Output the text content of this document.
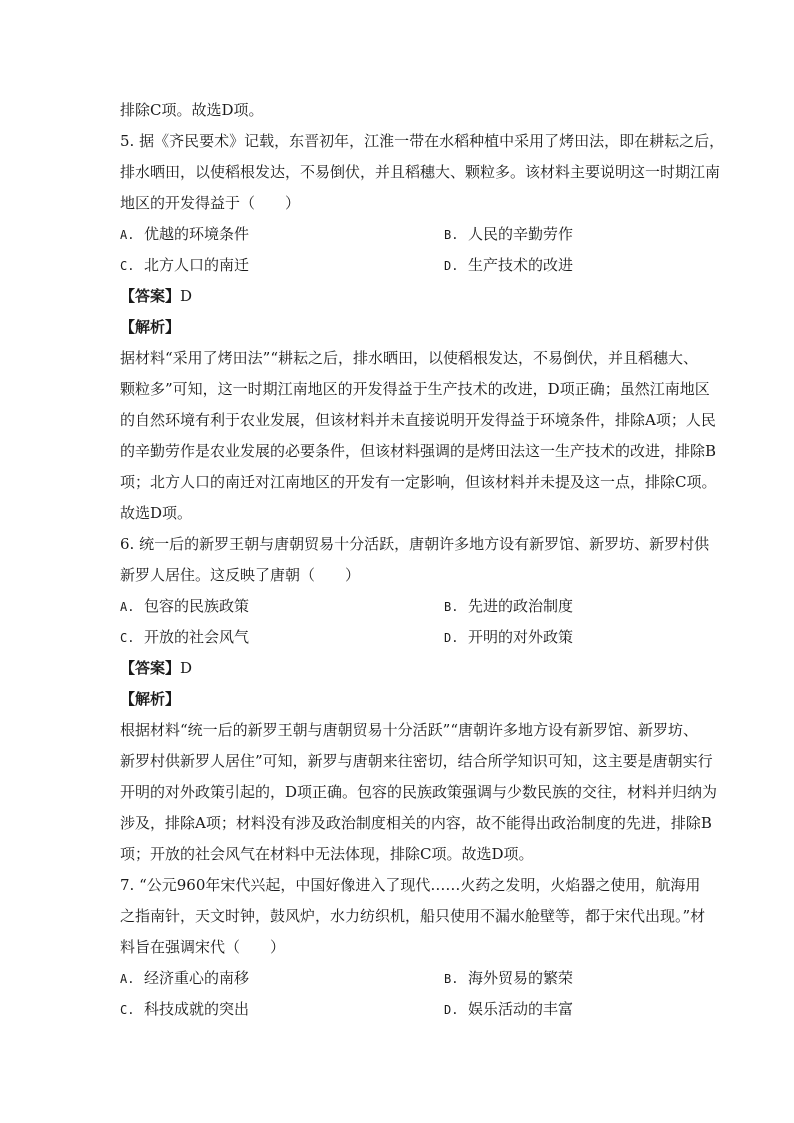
排除C项。故选D项。

5. 据《齐民要术》记载，东晋初年，江淮一带在水稻种植中采用了烤田法，即在耕耘之后，

排水晒田，以使稻根发达，不易倒伏，并且稻穗大、颗粒多。该材料主要说明这一时期江南

地区的开发得益于（　　）

A. 优越的环境条件	B. 人民的辛勤劳作
C. 北方人口的南迁	D. 生产技术的改进

【答案】D

【解析】

据材料“采用了烤田法”“耕耘之后，排水晒田，以使稻根发达，不易倒伏，并且稻穗大、

颗粒多”可知，这一时期江南地区的开发得益于生产技术的改进，D项正确；虽然江南地区

的自然环境有利于农业发展，但该材料并未直接说明开发得益于环境条件，排除A项；人民

的辛勤劳作是农业发展的必要条件，但该材料强调的是烤田法这一生产技术的改进，排除B

项；北方人口的南迁对江南地区的开发有一定影响，但该材料并未提及这一点，排除C项。

故选D项。

6. 统一后的新罗王朝与唐朝贸易十分活跃，唐朝许多地方设有新罗馆、新罗坊、新罗村供

新罗人居住。这反映了唐朝（　　）

A. 包容的民族政策	B. 先进的政治制度
C. 开放的社会风气	D. 开明的对外政策

【答案】D

【解析】

根据材料“统一后的新罗王朝与唐朝贸易十分活跃”“唐朝许多地方设有新罗馆、新罗坊、

新罗村供新罗人居住”可知，新罗与唐朝来往密切，结合所学知识可知，这主要是唐朝实行

开明的对外政策引起的，D项正确。包容的民族政策强调与少数民族的交往，材料并归纳为

涉及，排除A项；材料没有涉及政治制度相关的内容，故不能得出政治制度的先进，排除B

项；开放的社会风气在材料中无法体现，排除C项。故选D项。

7. “公元960年宋代兴起，中国好像进入了现代……火药之发明，火焰器之使用，航海用

之指南针，天文时钟，鼓风炉，水力纺织机，船只使用不漏水舱壁等，都于宋代出现。”材

料旨在强调宋代（　　）

A. 经济重心的南移	B. 海外贸易的繁荣
C. 科技成就的突出	D. 娱乐活动的丰富
